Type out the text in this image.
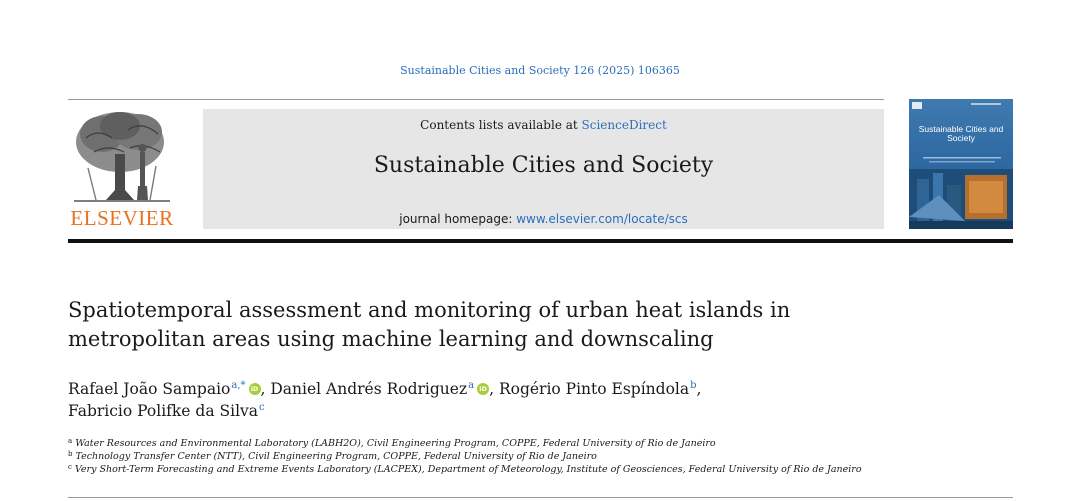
Sustainable Cities and Society 126 (2025) 106365
ELSEVIER
Contents lists available at ScienceDirect
Sustainable Cities and Society
journal homepage: www.elsevier.com/locate/scs
Sustainable Cities and Society
Spatiotemporal assessment and monitoring of urban heat islands in metropolitan areas using machine learning and downscaling
Rafael João Sampaio $^{a,*}$ iD , Daniel Andrés Rodriguez $^a$ iD , Rogério Pinto Espíndola $^b$,
Fabricio Polifke da Silva $^c$
$^a$ Water Resources and Environmental Laboratory (LABH2O), Civil Engineering Program, COPPE, Federal University of Rio de Janeiro
$^b$ Technology Transfer Center (NTT), Civil Engineering Program, COPPE, Federal University of Rio de Janeiro
$^c$ Very Short-Term Forecasting and Extreme Events Laboratory (LACPEX), Department of Meteorology, Institute of Geosciences, Federal University of Rio de Janeiro
